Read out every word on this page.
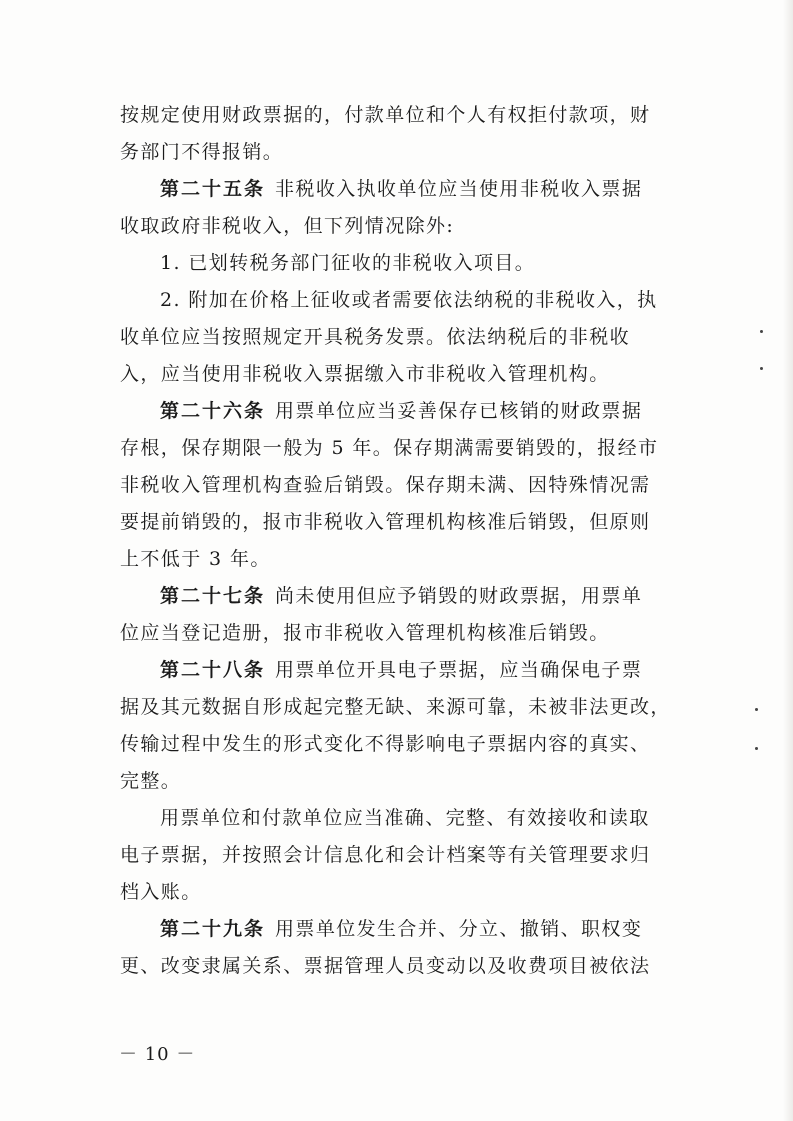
按规定使用财政票据的，付款单位和个人有权拒付款项，财
务部门不得报销。
第二十五条 非税收入执收单位应当使用非税收入票据
收取政府非税收入，但下列情况除外:
1. 已划转税务部门征收的非税收入项目。
2. 附加在价格上征收或者需要依法纳税的非税收入，执
收单位应当按照规定开具税务发票。依法纳税后的非税收
入，应当使用非税收入票据缴入市非税收入管理机构。
第二十六条 用票单位应当妥善保存已核销的财政票据
存根，保存期限一般为 5 年。保存期满需要销毁的，报经市
非税收入管理机构查验后销毁。保存期未满、因特殊情况需
要提前销毁的，报市非税收入管理机构核准后销毁，但原则
上不低于 3 年。
第二十七条 尚未使用但应予销毁的财政票据，用票单
位应当登记造册，报市非税收入管理机构核准后销毁。
第二十八条 用票单位开具电子票据，应当确保电子票
据及其元数据自形成起完整无缺、来源可靠，未被非法更改，
传输过程中发生的形式变化不得影响电子票据内容的真实、
完整。
用票单位和付款单位应当准确、完整、有效接收和读取
电子票据，并按照会计信息化和会计档案等有关管理要求归
档入账。
第二十九条 用票单位发生合并、分立、撤销、职权变
更、改变隶属关系、票据管理人员变动以及收费项目被依法
－ 10 －
